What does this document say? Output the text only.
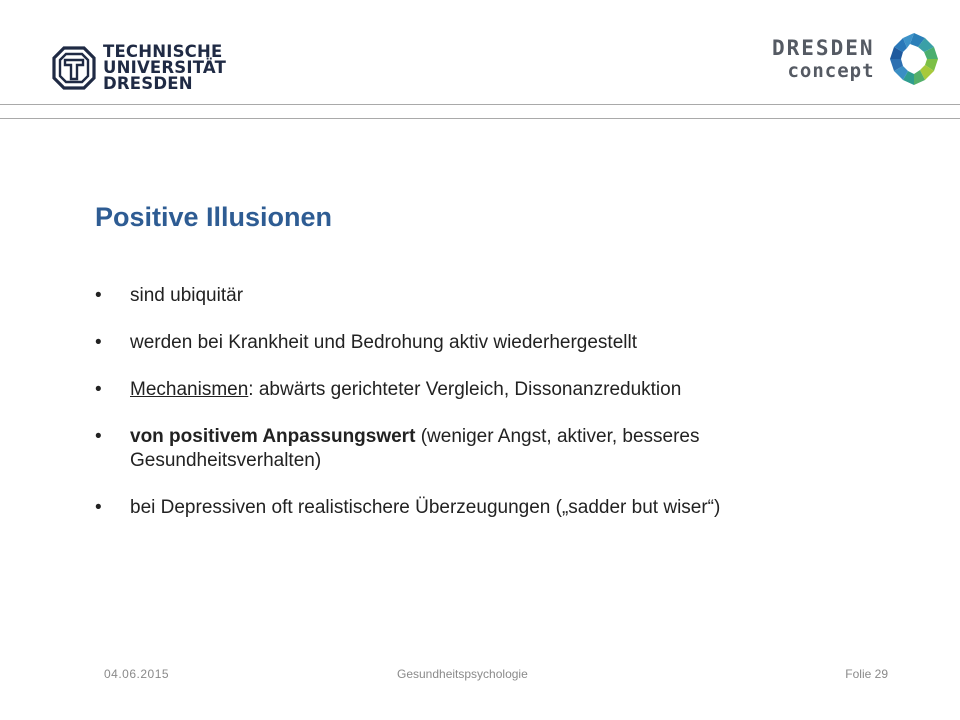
TECHNISCHE
UNIVERSITÄT
DRESDEN
DRESDEN
concept
Positive Illusionen
• sind ubiquitär
• werden bei Krankheit und Bedrohung aktiv wiederhergestellt
• Mechanismen: abwärts gerichteter Vergleich, Dissonanzreduktion
• von positivem Anpassungswert (weniger Angst, aktiver, besseres Gesundheitsverhalten)
• bei Depressiven oft realistischere Überzeugungen („sadder but wiser“)
04.06.2015	Gesundheitspsychologie	Folie 29
